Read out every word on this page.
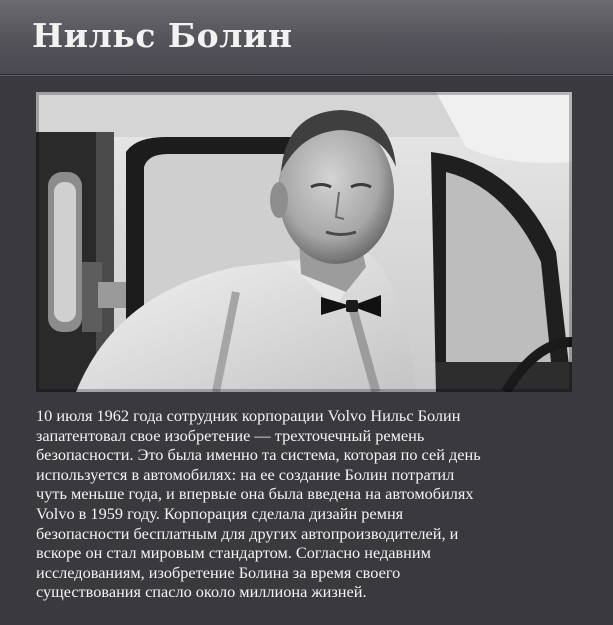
Нильс Болин
10 июля 1962 года сотрудник корпорации Volvo Нильс Болин
запатентовал свое изобретение — трехточечный ремень
безопасности. Это была именно та система, которая по сей день
используется в автомобилях: на ее создание Болин потратил
чуть меньше года, и впервые она была введена на автомобилях
Volvo в 1959 году. Корпорация сделала дизайн ремня
безопасности бесплатным для других автопроизводителей, и
вскоре он стал мировым стандартом. Согласно недавним
исследованиям, изобретение Болина за время своего
существования спасло около миллиона жизней.
